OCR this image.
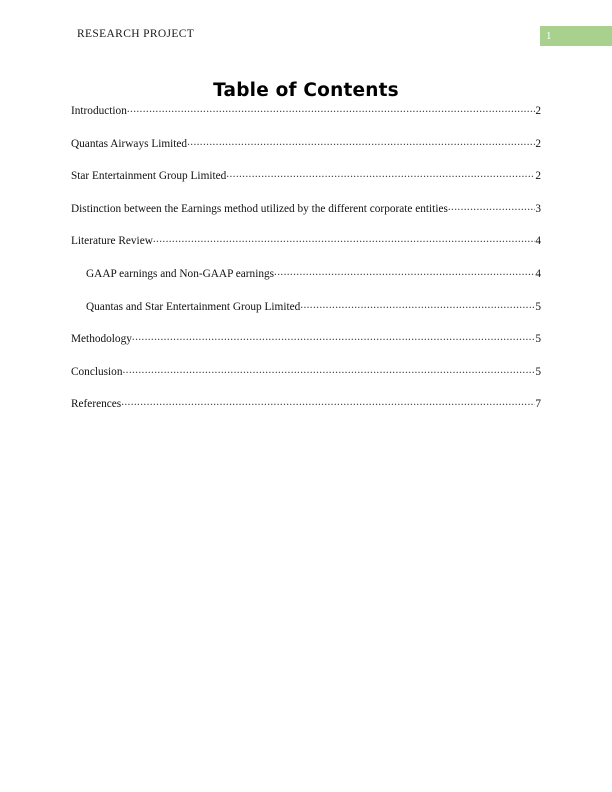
RESEARCH PROJECT	1
Table of Contents
Introduction .....	2
Quantas Airways Limited .....	2
Star Entertainment Group Limited .....	2
Distinction between the Earnings method utilized by the different corporate entities .....	3
Literature Review .....	4
GAAP earnings and Non-GAAP earnings .....	4
Quantas and Star Entertainment Group Limited .....	5
Methodology .....	5
Conclusion .....	5
References .....	7
